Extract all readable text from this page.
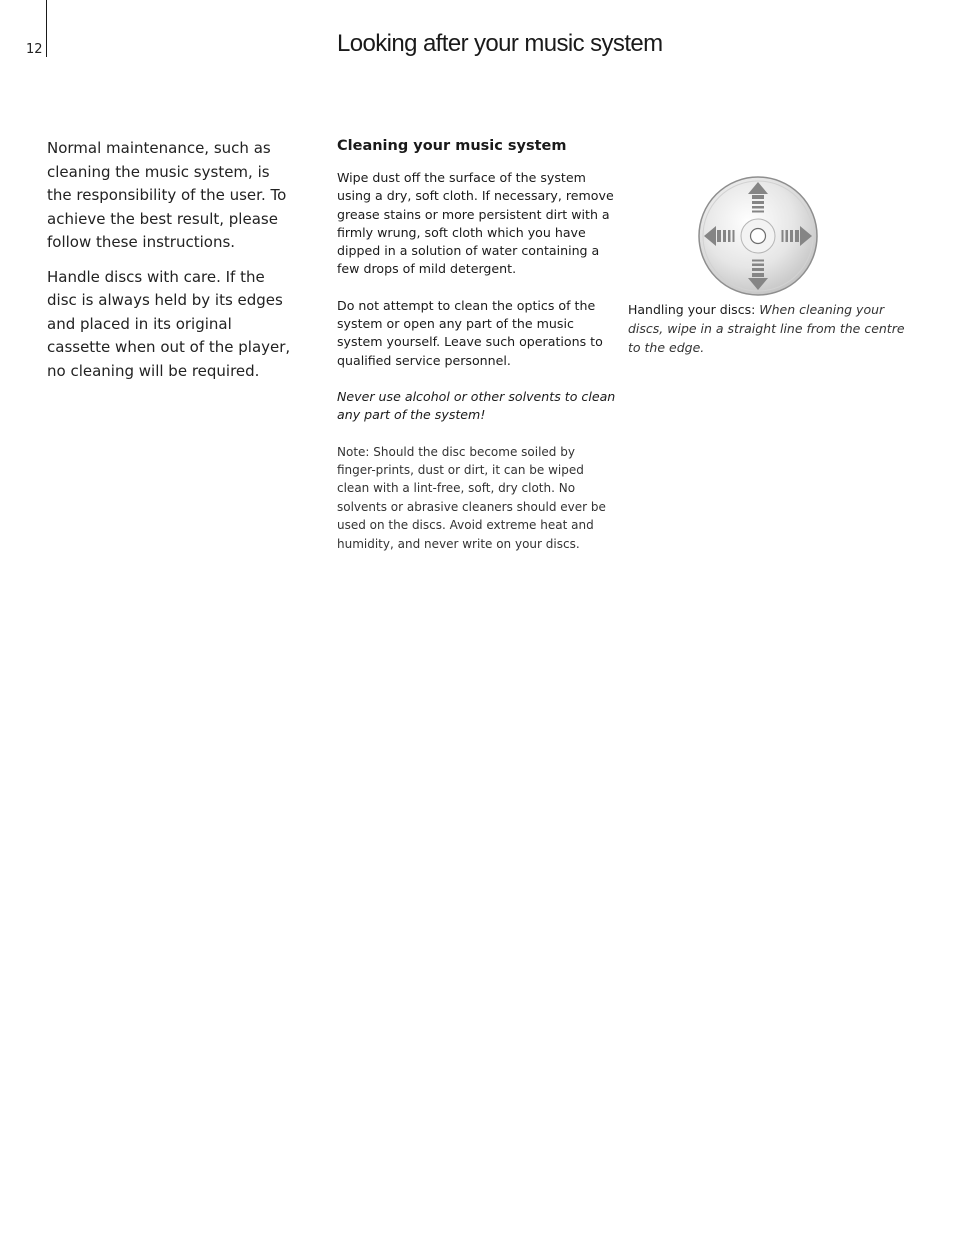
12	Looking after your music system

Normal maintenance, such as cleaning the music system, is the responsibility of the user. To achieve the best result, please follow these instructions.

Handle discs with care. If the disc is always held by its edges and placed in its original cassette when out of the player, no cleaning will be required.

Cleaning your music system

Wipe dust off the surface of the system using a dry, soft cloth. If necessary, remove grease stains or more persistent dirt with a firmly wrung, soft cloth which you have dipped in a solution of water containing a few drops of mild detergent.

Do not attempt to clean the optics of the system or open any part of the music system yourself. Leave such operations to qualified service personnel.

Never use alcohol or other solvents to clean any part of the system!

Note: Should the disc become soiled by finger-prints, dust or dirt, it can be wiped clean with a lint-free, soft, dry cloth. No solvents or abrasive cleaners should ever be used on the discs. Avoid extreme heat and humidity, and never write on your discs.

Handling your discs: When cleaning your discs, wipe in a straight line from the centre to the edge.
